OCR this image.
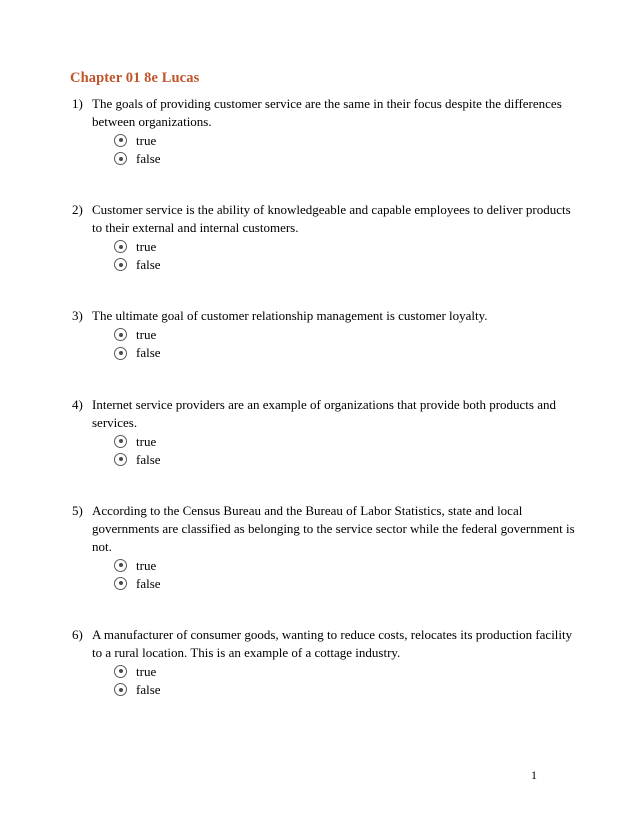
Chapter 01 8e Lucas
1) The goals of providing customer service are the same in their focus despite the differences between organizations.
true
false
2) Customer service is the ability of knowledgeable and capable employees to deliver products to their external and internal customers.
true
false
3) The ultimate goal of customer relationship management is customer loyalty.
true
false
4) Internet service providers are an example of organizations that provide both products and services.
true
false
5) According to the Census Bureau and the Bureau of Labor Statistics, state and local governments are classified as belonging to the service sector while the federal government is not.
true
false
6) A manufacturer of consumer goods, wanting to reduce costs, relocates its production facility to a rural location. This is an example of a cottage industry.
true
false
1
